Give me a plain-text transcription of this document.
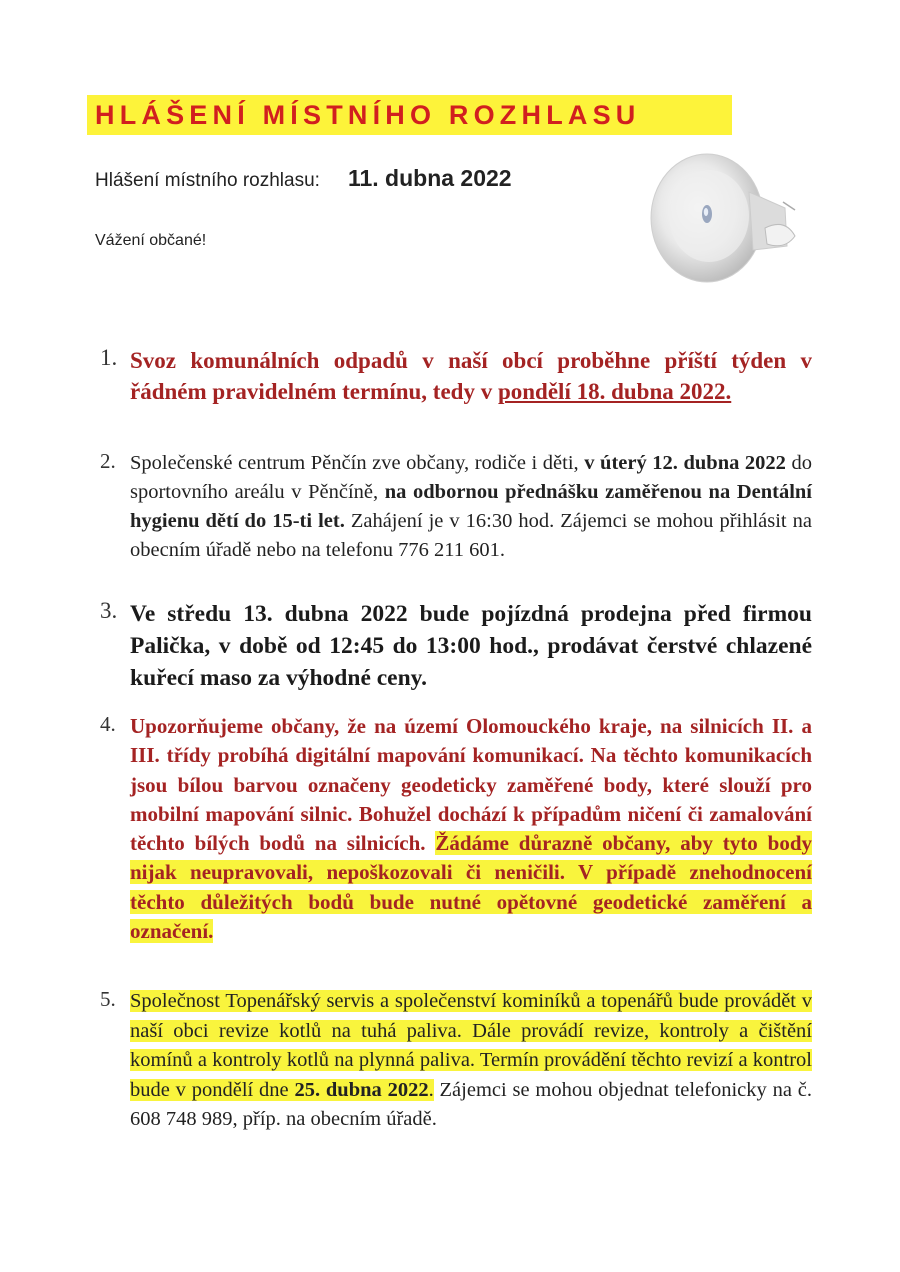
HLÁŠENÍ MÍSTNÍHO ROZHLASU
Hlášení místního rozhlasu: 11. dubna 2022
Vážení občané!
1. Svoz komunálních odpadů v naší obcí proběhne příští týden v řádném pravidelném termínu, tedy v pondělí 18. dubna 2022.
2. Společenské centrum Pěnčín zve občany, rodiče i děti, v úterý 12. dubna 2022 do sportovního areálu v Pěnčíně, na odbornou přednášku zaměřenou na Dentální hygienu dětí do 15-ti let. Zahájení je v 16:30 hod. Zájemci se mohou přihlásit na obecním úřadě nebo na telefonu 776 211 601.
3. Ve středu 13. dubna 2022 bude pojízdná prodejna před firmou Palička, v době od 12:45 do 13:00 hod., prodávat čerstvé chlazené kuřecí maso za výhodné ceny.
4. Upozorňujeme občany, že na území Olomouckého kraje, na silnicích II. a III. třídy probíhá digitální mapování komunikací. Na těchto komunikacích jsou bílou barvou označeny geodeticky zaměřené body, které slouží pro mobilní mapování silnic. Bohužel dochází k případům ničení či zamalování těchto bílých bodů na silnicích. Žádáme důrazně občany, aby tyto body nijak neupravovali, nepoškozovali či neničili. V případě znehodnocení těchto důležitých bodů bude nutné opětovné geodetické zaměření a označení.
5. Společnost Topenářský servis a společenství kominíků a topenářů bude provádět v naší obci revize kotlů na tuhá paliva. Dále provádí revize, kontroly a čištění komínů a kontroly kotlů na plynná paliva. Termín provádění těchto revizí a kontrol bude v pondělí dne 25. dubna 2022. Zájemci se mohou objednat telefonicky na č. 608 748 989, příp. na obecním úřadě.
